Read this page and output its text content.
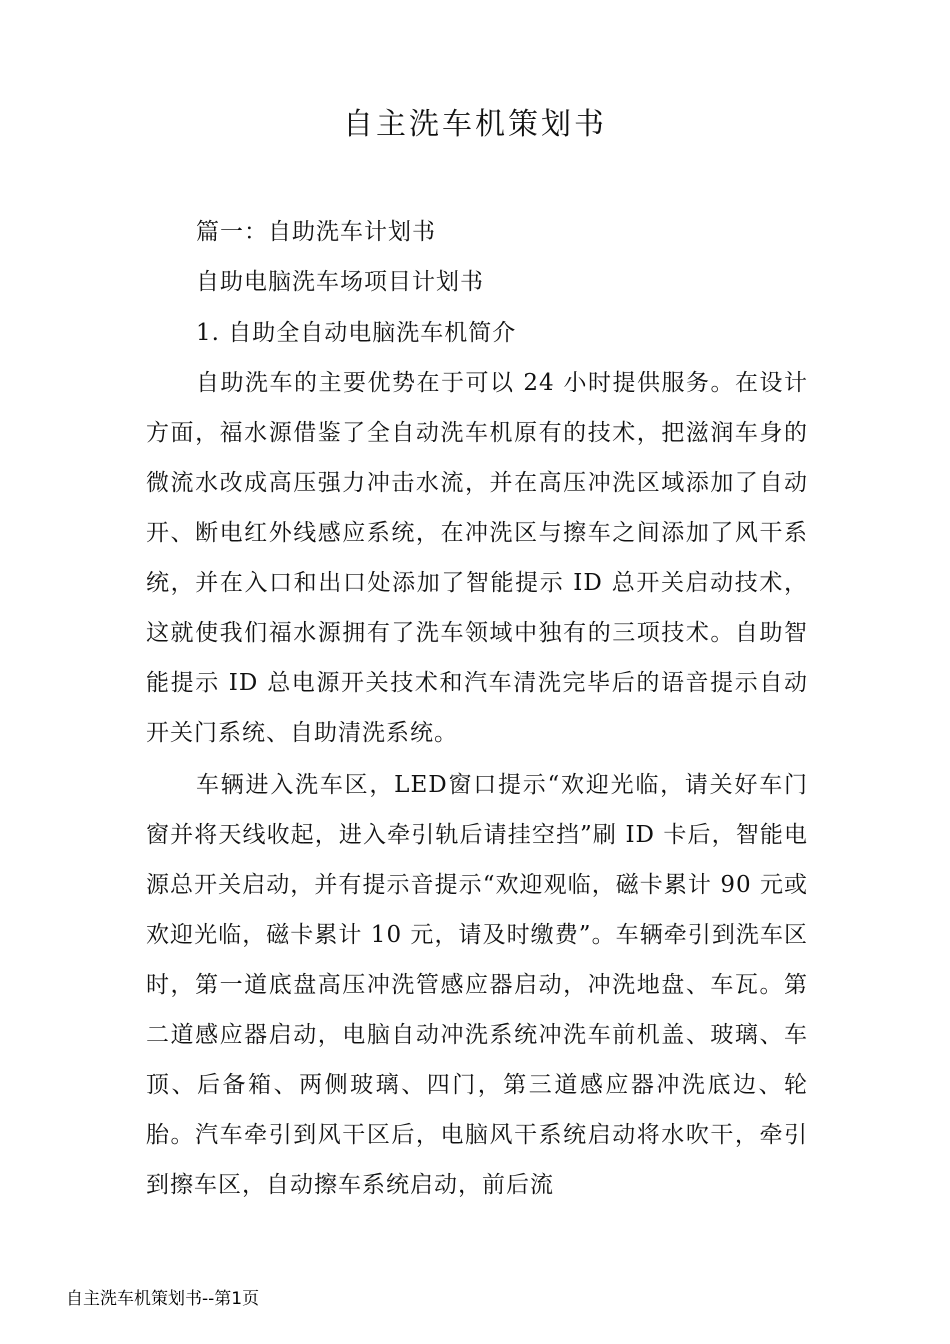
自主洗车机策划书
篇一：自助洗车计划书
自助电脑洗车场项目计划书
1. 自助全自动电脑洗车机简介

自助洗车的主要优势在于可以 24 小时提供服务。在设计方面，福水源借鉴了全自动洗车机原有的技术，把滋润车身的微流水改成高压强力冲击水流，并在高压冲洗区域添加了自动开、断电红外线感应系统，在冲洗区与擦车之间添加了风干系统，并在入口和出口处添加了智能提示 ID 总开关启动技术，这就使我们福水源拥有了洗车领域中独有的三项技术。自助智能提示 ID 总电源开关技术和汽车清洗完毕后的语音提示自动开关门系统、自助清洗系统。

车辆进入洗车区，LED窗口提示“欢迎光临，请关好车门窗并将天线收起，进入牵引轨后请挂空挡”刷 ID 卡后，智能电源总开关启动，并有提示音提示“欢迎观临，磁卡累计 90 元或欢迎光临，磁卡累计 10 元，请及时缴费”。车辆牵引到洗车区时，第一道底盘高压冲洗管感应器启动，冲洗地盘、车瓦。第二道感应器启动，电脑自动冲洗系统冲洗车前机盖、玻璃、车顶、后备箱、两侧玻璃、四门，第三道感应器冲洗底边、轮胎。汽车牵引到风干区后，电脑风干系统启动将水吹干，牵引到擦车区，自动擦车系统启动，前后流

自主洗车机策划书--第1页
